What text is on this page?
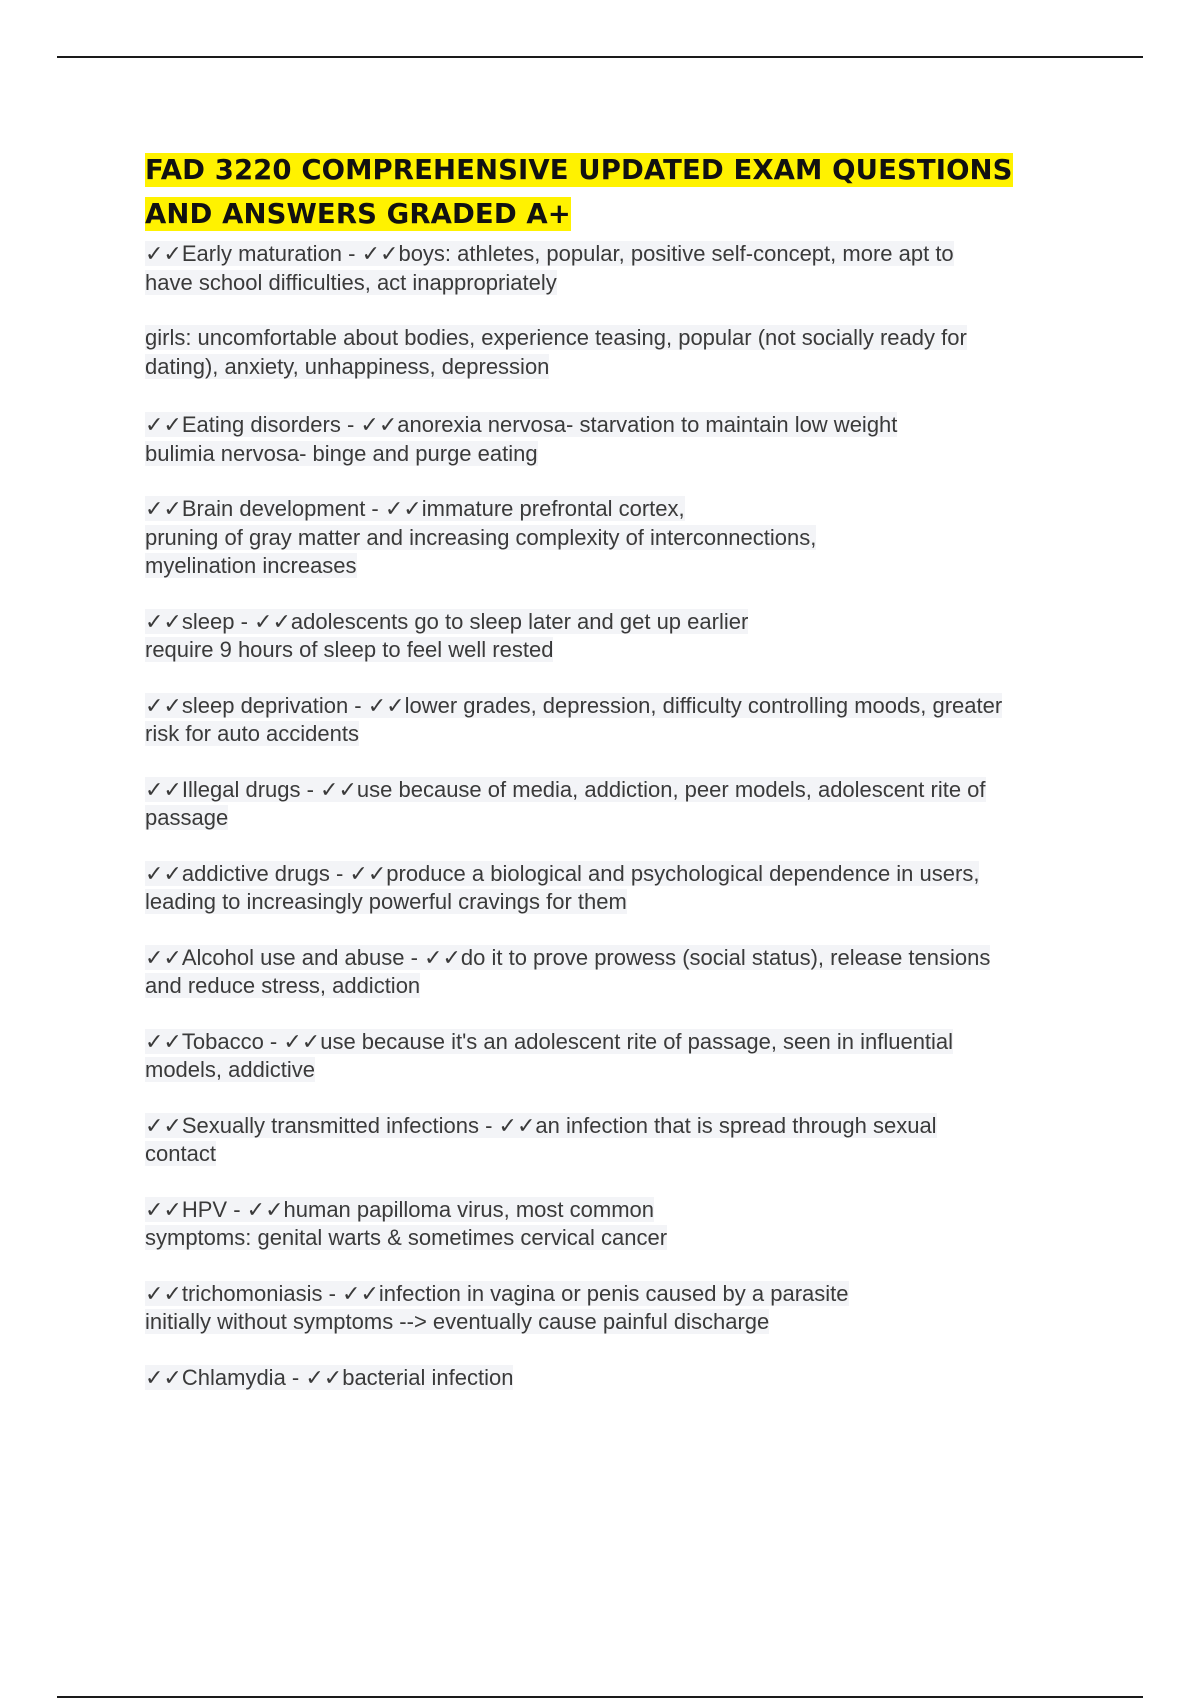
FAD 3220 COMPREHENSIVE UPDATED EXAM QUESTIONS
AND ANSWERS GRADED A+
✓✓Early maturation - ✓✓boys: athletes, popular, positive self-concept, more apt to
have school difficulties, act inappropriately
girls: uncomfortable about bodies, experience teasing, popular (not socially ready for
dating), anxiety, unhappiness, depression
✓✓Eating disorders - ✓✓anorexia nervosa- starvation to maintain low weight
bulimia nervosa- binge and purge eating
✓✓Brain development - ✓✓immature prefrontal cortex,
pruning of gray matter and increasing complexity of interconnections,
myelination increases
✓✓sleep - ✓✓adolescents go to sleep later and get up earlier
require 9 hours of sleep to feel well rested
✓✓sleep deprivation - ✓✓lower grades, depression, difficulty controlling moods, greater
risk for auto accidents
✓✓Illegal drugs - ✓✓use because of media, addiction, peer models, adolescent rite of
passage
✓✓addictive drugs - ✓✓produce a biological and psychological dependence in users,
leading to increasingly powerful cravings for them
✓✓Alcohol use and abuse - ✓✓do it to prove prowess (social status), release tensions
and reduce stress, addiction
✓✓Tobacco - ✓✓use because it's an adolescent rite of passage, seen in influential
models, addictive
✓✓Sexually transmitted infections - ✓✓an infection that is spread through sexual
contact
✓✓HPV - ✓✓human papilloma virus, most common
symptoms: genital warts & sometimes cervical cancer
✓✓trichomoniasis - ✓✓infection in vagina or penis caused by a parasite
initially without symptoms --> eventually cause painful discharge
✓✓Chlamydia - ✓✓bacterial infection
